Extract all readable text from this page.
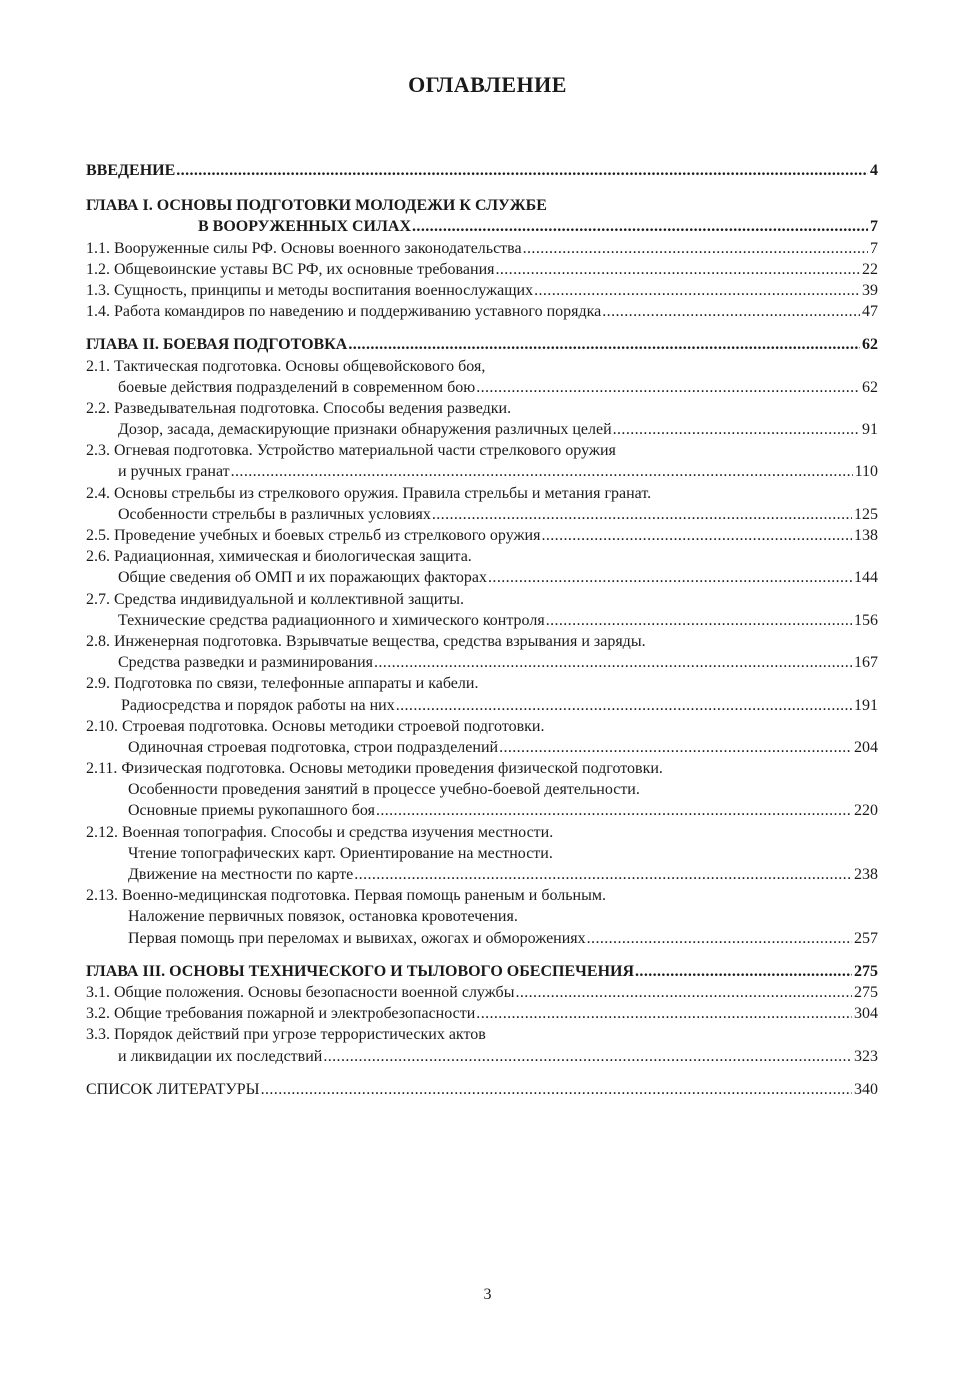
ОГЛАВЛЕНИЕ
ВВЕДЕНИЕ .....	4
ГЛАВА I. ОСНОВЫ ПОДГОТОВКИ МОЛОДЕЖИ К СЛУЖБЕ
В ВООРУЖЕННЫХ СИЛАХ .....	7
1.1. Вооруженные силы РФ. Основы военного законодательства .....	7
1.2. Общевоинские уставы ВС РФ, их основные требования .....	22
1.3. Сущность, принципы и методы воспитания военнослужащих .....	39
1.4. Работа командиров по наведению и поддерживанию уставного порядка .....	47
ГЛАВА II. БОЕВАЯ ПОДГОТОВКА .....	62
2.1. Тактическая подготовка. Основы общевойскового боя,
боевые действия подразделений в современном бою .....	62
2.2. Разведывательная подготовка. Способы ведения разведки.
Дозор, засада, демаскирующие признаки обнаружения различных целей .....	91
2.3. Огневая подготовка. Устройство материальной части стрелкового оружия
и ручных гранат .....	110
2.4. Основы стрельбы из стрелкового оружия. Правила стрельбы и метания гранат.
Особенности стрельбы в различных условиях .....	125
2.5. Проведение учебных и боевых стрельб из стрелкового оружия .....	138
2.6. Радиационная, химическая и биологическая защита.
Общие сведения об ОМП и их поражающих факторах .....	144
2.7. Средства индивидуальной и коллективной защиты.
Технические средства радиационного и химического контроля .....	156
2.8. Инженерная подготовка. Взрывчатые вещества, средства взрывания и заряды.
Средства разведки и разминирования .....	167
2.9. Подготовка по связи, телефонные аппараты и кабели.
Радиосредства и порядок работы на них .....	191
2.10. Строевая подготовка. Основы методики строевой подготовки.
Одиночная строевая подготовка, строи подразделений .....	204
2.11. Физическая подготовка. Основы методики проведения физической подготовки.
Особенности проведения занятий в процессе учебно-боевой деятельности.
Основные приемы рукопашного боя .....	220
2.12. Военная топография. Способы и средства изучения местности.
Чтение топографических карт. Ориентирование на местности.
Движение на местности по карте .....	238
2.13. Военно-медицинская подготовка. Первая помощь раненым и больным.
Наложение первичных повязок, остановка кровотечения.
Первая помощь при переломах и вывихах, ожогах и обморожениях .....	257
ГЛАВА III. ОСНОВЫ ТЕХНИЧЕСКОГО И ТЫЛОВОГО ОБЕСПЕЧЕНИЯ .....	275
3.1. Общие положения. Основы безопасности военной службы .....	275
3.2. Общие требования пожарной и электробезопасности .....	304
3.3. Порядок действий при угрозе террористических актов
и ликвидации их последствий .....	323
СПИСОК ЛИТЕРАТУРЫ .....	340
3
